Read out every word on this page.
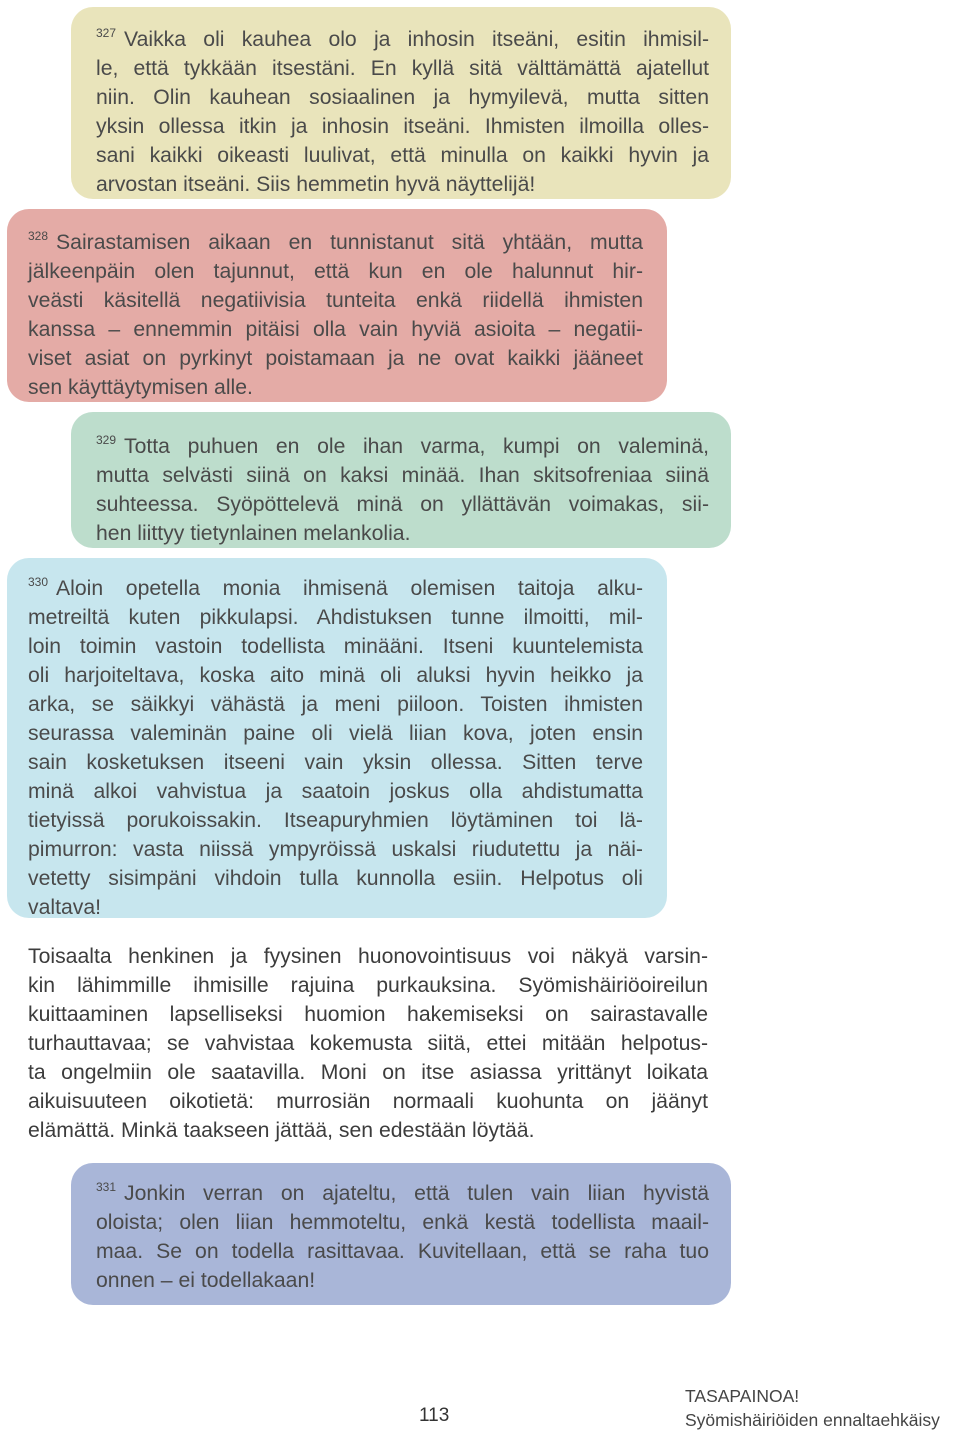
$^{327}$ Vaikka oli kauhea olo ja inhosin itseäni, esitin ihmisil-
le, että tykkään itsestäni. En kyllä sitä välttämättä ajatellut
niin. Olin kauhean sosiaalinen ja hymyilevä, mutta sitten
yksin ollessa itkin ja inhosin itseäni. Ihmisten ilmoilla olles-
sani kaikki oikeasti luulivat, että minulla on kaikki hyvin ja
arvostan itseäni. Siis hemmetin hyvä näyttelijä!

$^{328}$ Sairastamisen aikaan en tunnistanut sitä yhtään, mutta
jälkeenpäin olen tajunnut, että kun en ole halunnut hir-
veästi käsitellä negatiivisia tunteita enkä riidellä ihmisten
kanssa – ennemmin pitäisi olla vain hyviä asioita – negatii-
viset asiat on pyrkinyt poistamaan ja ne ovat kaikki jääneet
sen käyttäytymisen alle.

$^{329}$ Totta puhuen en ole ihan varma, kumpi on valeminä,
mutta selvästi siinä on kaksi minää. Ihan skitsofreniaa siinä
suhteessa. Syöpöttelevä minä on yllättävän voimakas, sii-
hen liittyy tietynlainen melankolia.

$^{330}$ Aloin opetella monia ihmisenä olemisen taitoja alku-
metreiltä kuten pikkulapsi. Ahdistuksen tunne ilmoitti, mil-
loin toimin vastoin todellista minääni. Itseni kuuntelemista
oli harjoiteltava, koska aito minä oli aluksi hyvin heikko ja
arka, se säikkyi vähästä ja meni piiloon. Toisten ihmisten
seurassa valeminän paine oli vielä liian kova, joten ensin
sain kosketuksen itseeni vain yksin ollessa. Sitten terve
minä alkoi vahvistua ja saatoin joskus olla ahdistumatta
tietyissä porukoissakin. Itseapuryhmien löytäminen toi lä-
pimurron: vasta niissä ympyröissä uskalsi riudutettu ja näi-
vetetty sisimpäni vihdoin tulla kunnolla esiin. Helpotus oli
valtava!

Toisaalta henkinen ja fyysinen huonovointisuus voi näkyä varsin-
kin lähimmille ihmisille rajuina purkauksina. Syömishäiriöoireilun
kuittaaminen lapselliseksi huomion hakemiseksi on sairastavalle
turhauttavaa; se vahvistaa kokemusta siitä, ettei mitään helpotus-
ta ongelmiin ole saatavilla. Moni on itse asiassa yrittänyt loikata
aikuisuuteen oikotietä: murrosiän normaali kuohunta on jäänyt
elämättä. Minkä taakseen jättää, sen edestään löytää.

$^{331}$ Jonkin verran on ajateltu, että tulen vain liian hyvistä
oloista; olen liian hemmoteltu, enkä kestä todellista maail-
maa. Se on todella rasittavaa. Kuvitellaan, että se raha tuo
onnen – ei todellakaan!

113
TASAPAINOA!
Syömishäiriöiden ennaltaehkäisy
